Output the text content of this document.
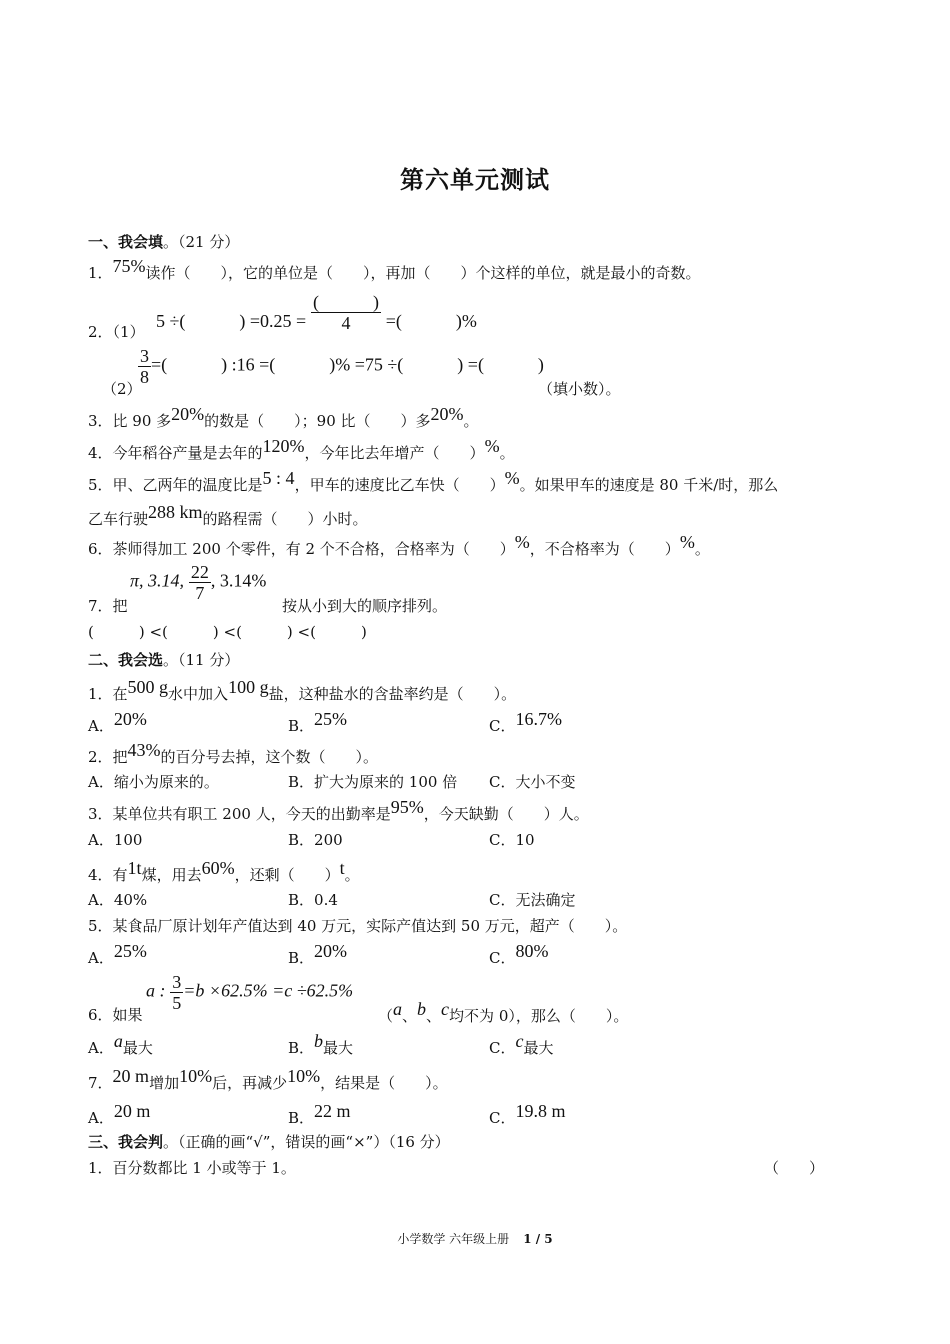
第六单元测试
一、我会填。（21 分）
1．75%读作（　　），它的单位是（　　），再加（　　）个这样的单位，就是最小的奇数。
2．（1）
5 ÷(　　　) $=0.25 = \frac{( )}{4}$ =(　　　)%
（2）
$\frac{3}{8}$ =(　　　) :16 =(　　　)% =75 ÷(　　　) =(　　　)
（填小数）。
3．比 90 多20%的数是（　　）；90 比（　　）多20%。
4．今年稻谷产量是去年的120%，今年比去年增产（　　）%。
5．甲、乙两年的温度比是5 : 4，甲车的速度比乙车快（　　）%。如果甲车的速度是 80 千米/时，那么
乙车行驶288 km的路程需（　　）小时。
6．茶师得加工 200 个零件，有 2 个不合格，合格率为（　　）%，不合格率为（　　）%。
7．把
π, 3.14, $\frac{22}{7}$ , 3.14%
按从小到大的顺序排列。
(　　　) <(　　　) <(　　　) <(　　　)
二、我会选。（11 分）
1．在500 g水中加入100 g盐，这种盐水的含盐率约是（　　）。
A．20%	B．25%	C．16.7%
2．把43%的百分号去掉，这个数（　　）。
A．缩小为原来的。	B．扩大为原来的 100 倍 C．大小不变
3．某单位共有职工 200 人，今天的出勤率是95%，今天缺勤（　　）人。
A．100	B．200	C．10
4．有1t煤，用去60%，还剩（　　）t。
A．40%	B．0.4	C．无法确定
5．某食品厂原计划年产值达到 40 万元，实际产值达到 50 万元，超产（　　）。
A．25%	B．20%	C．80%
6．如果
a : $\frac{3}{5} =b \times 62.5\% =c \div 62.5\%$
（a、b、c均不为 0），那么（　　）。
A．a最大	B．b最大	C．c最大
7．20 m增加10%后，再减少10%，结果是（　　）。
A．20 m	B．22 m	C．19.8 m
三、我会判。（正确的画“√”，错误的画“×”）（16 分）
1．百分数都比 1 小或等于 1。	（　　）
小学数学 六年级上册 1 / 5
